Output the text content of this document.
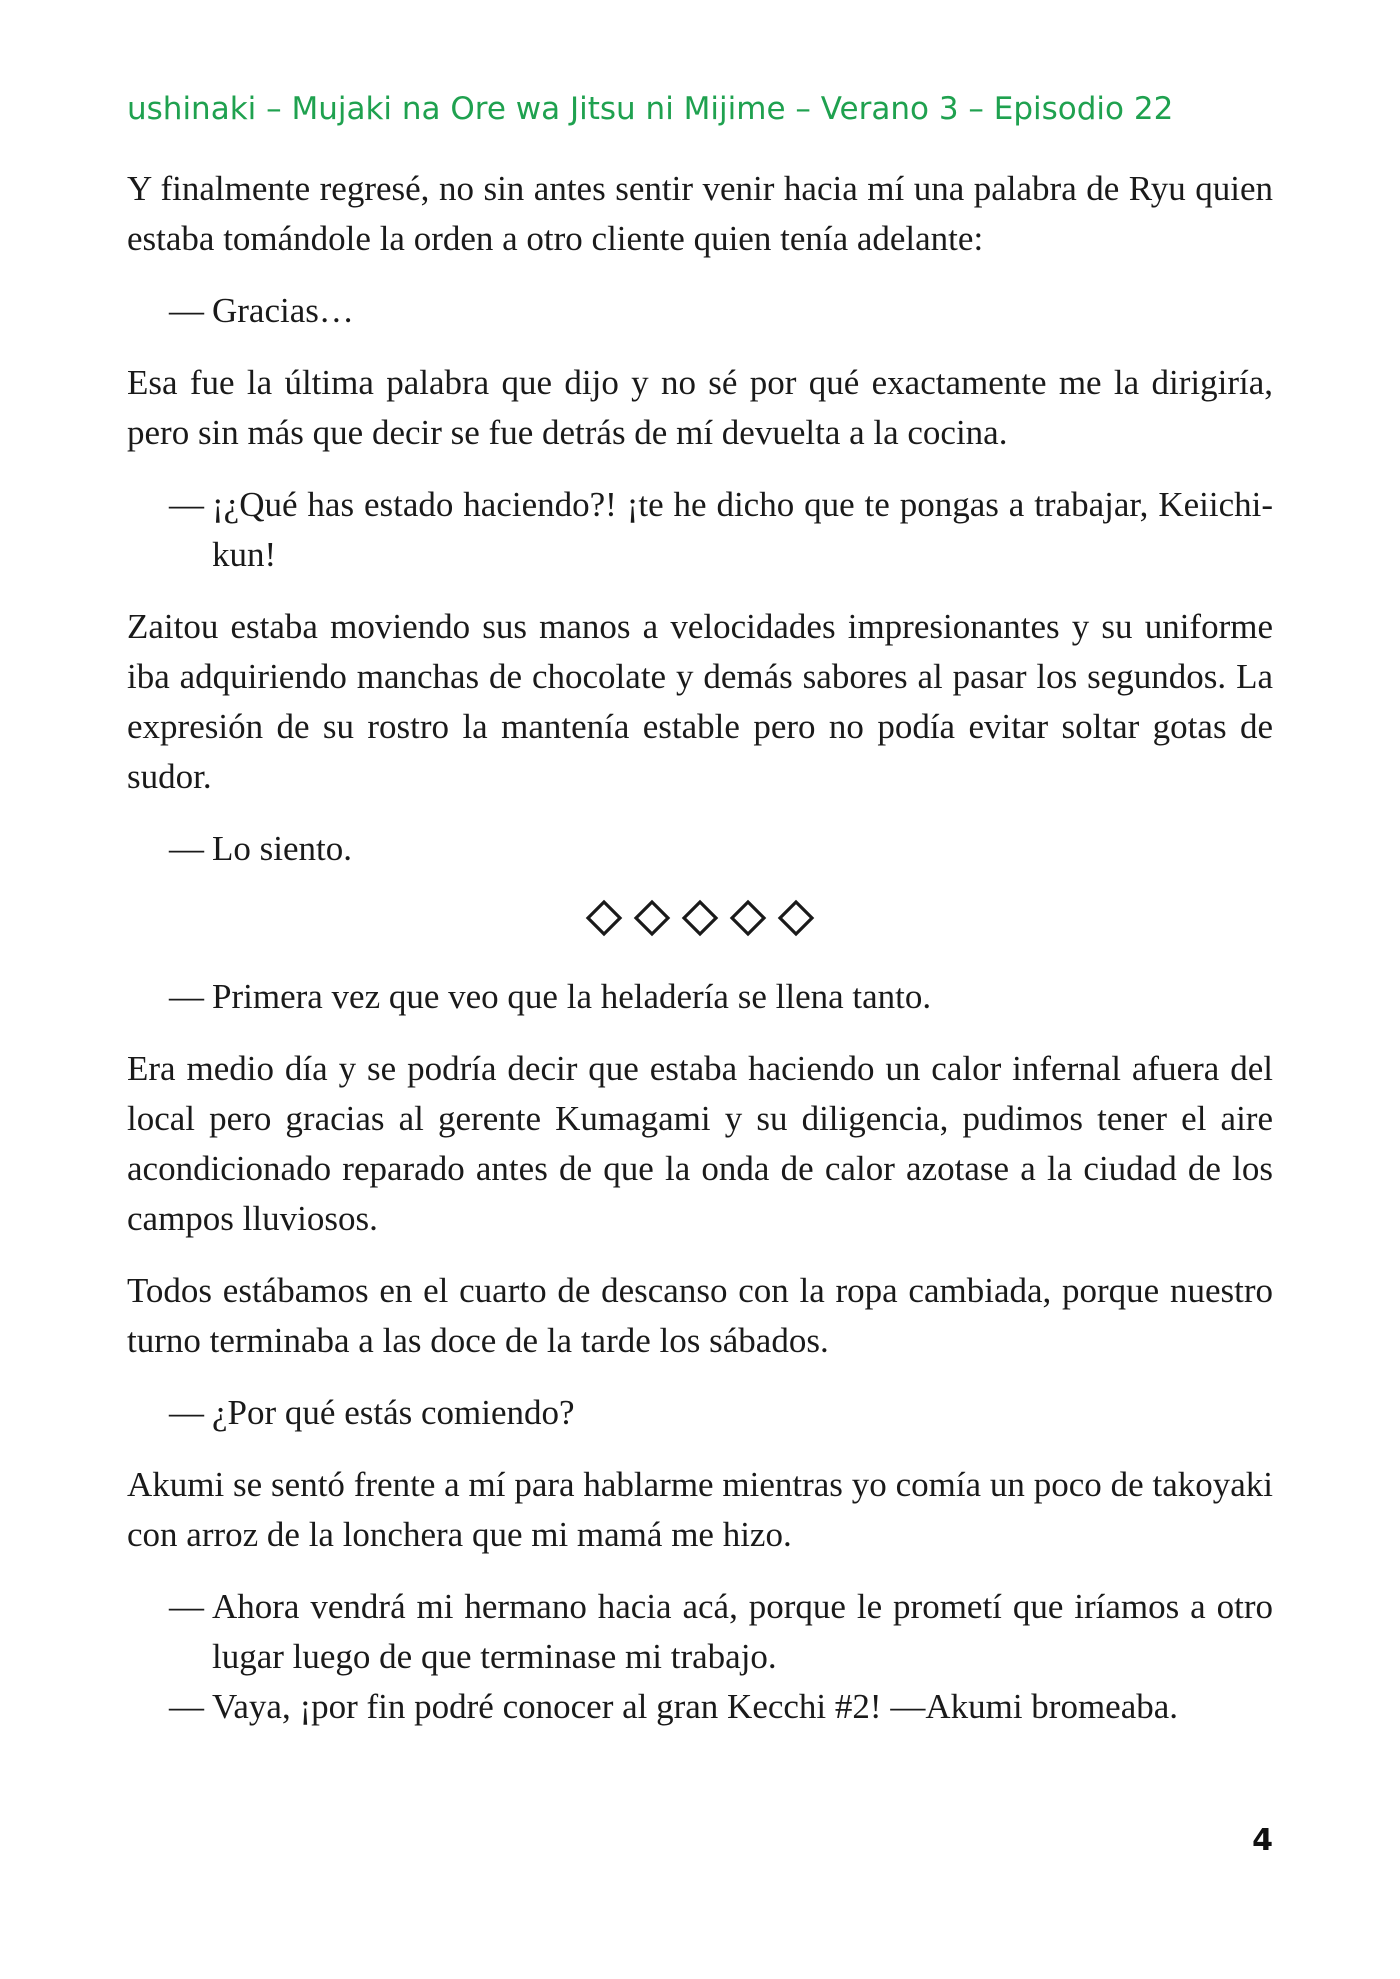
ushinaki – Mujaki na Ore wa Jitsu ni Mijime – Verano 3 – Episodio 22

Y finalmente regresé, no sin antes sentir venir hacia mí una palabra de Ryu quien estaba tomándole la orden a otro cliente quien tenía adelante:

— Gracias…

Esa fue la última palabra que dijo y no sé por qué exactamente me la dirigiría, pero sin más que decir se fue detrás de mí devuelta a la cocina.

— ¡¿Qué has estado haciendo?! ¡te he dicho que te pongas a trabajar, Keiichi-kun!

Zaitou estaba moviendo sus manos a velocidades impresionantes y su uniforme iba adquiriendo manchas de chocolate y demás sabores al pasar los segundos. La expresión de su rostro la mantenía estable pero no podía evitar soltar gotas de sudor.

— Lo siento.

— Primera vez que veo que la heladería se llena tanto.

Era medio día y se podría decir que estaba haciendo un calor infernal afuera del local pero gracias al gerente Kumagami y su diligencia, pudimos tener el aire acondicionado reparado antes de que la onda de calor azotase a la ciudad de los campos lluviosos.

Todos estábamos en el cuarto de descanso con la ropa cambiada, porque nuestro turno terminaba a las doce de la tarde los sábados.

— ¿Por qué estás comiendo?

Akumi se sentó frente a mí para hablarme mientras yo comía un poco de takoyaki con arroz de la lonchera que mi mamá me hizo.

— Ahora vendrá mi hermano hacia acá, porque le prometí que iríamos a otro lugar luego de que terminase mi trabajo.

— Vaya, ¡por fin podré conocer al gran Kecchi #2! —Akumi bromeaba.

4
